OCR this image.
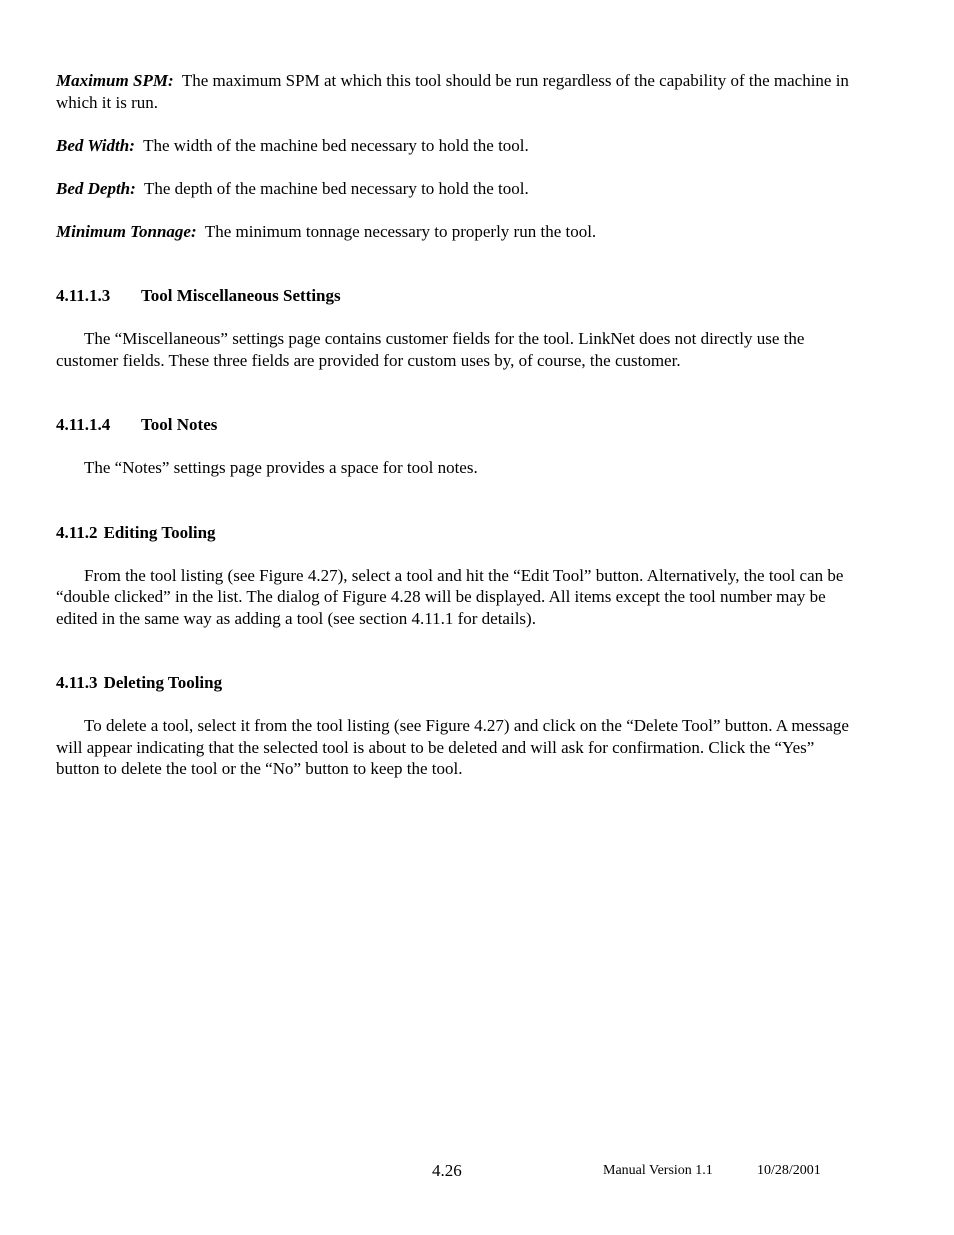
Maximum SPM: The maximum SPM at which this tool should be run regardless of the capability of the machine in which it is run.

Bed Width: The width of the machine bed necessary to hold the tool.

Bed Depth: The depth of the machine bed necessary to hold the tool.

Minimum Tonnage: The minimum tonnage necessary to properly run the tool.

4.11.1.3 Tool Miscellaneous Settings

The “Miscellaneous” settings page contains customer fields for the tool. LinkNet does not directly use the customer fields. These three fields are provided for custom uses by, of course, the customer.

4.11.1.4 Tool Notes

The “Notes” settings page provides a space for tool notes.

4.11.2 Editing Tooling

From the tool listing (see Figure 4.27), select a tool and hit the “Edit Tool” button. Alternatively, the tool can be “double clicked” in the list. The dialog of Figure 4.28 will be displayed. All items except the tool number may be edited in the same way as adding a tool (see section 4.11.1 for details).

4.11.3 Deleting Tooling

To delete a tool, select it from the tool listing (see Figure 4.27) and click on the “Delete Tool” button. A message will appear indicating that the selected tool is about to be deleted and will ask for confirmation. Click the “Yes” button to delete the tool or the “No” button to keep the tool.

4.26	Manual Version 1.1	10/28/2001
